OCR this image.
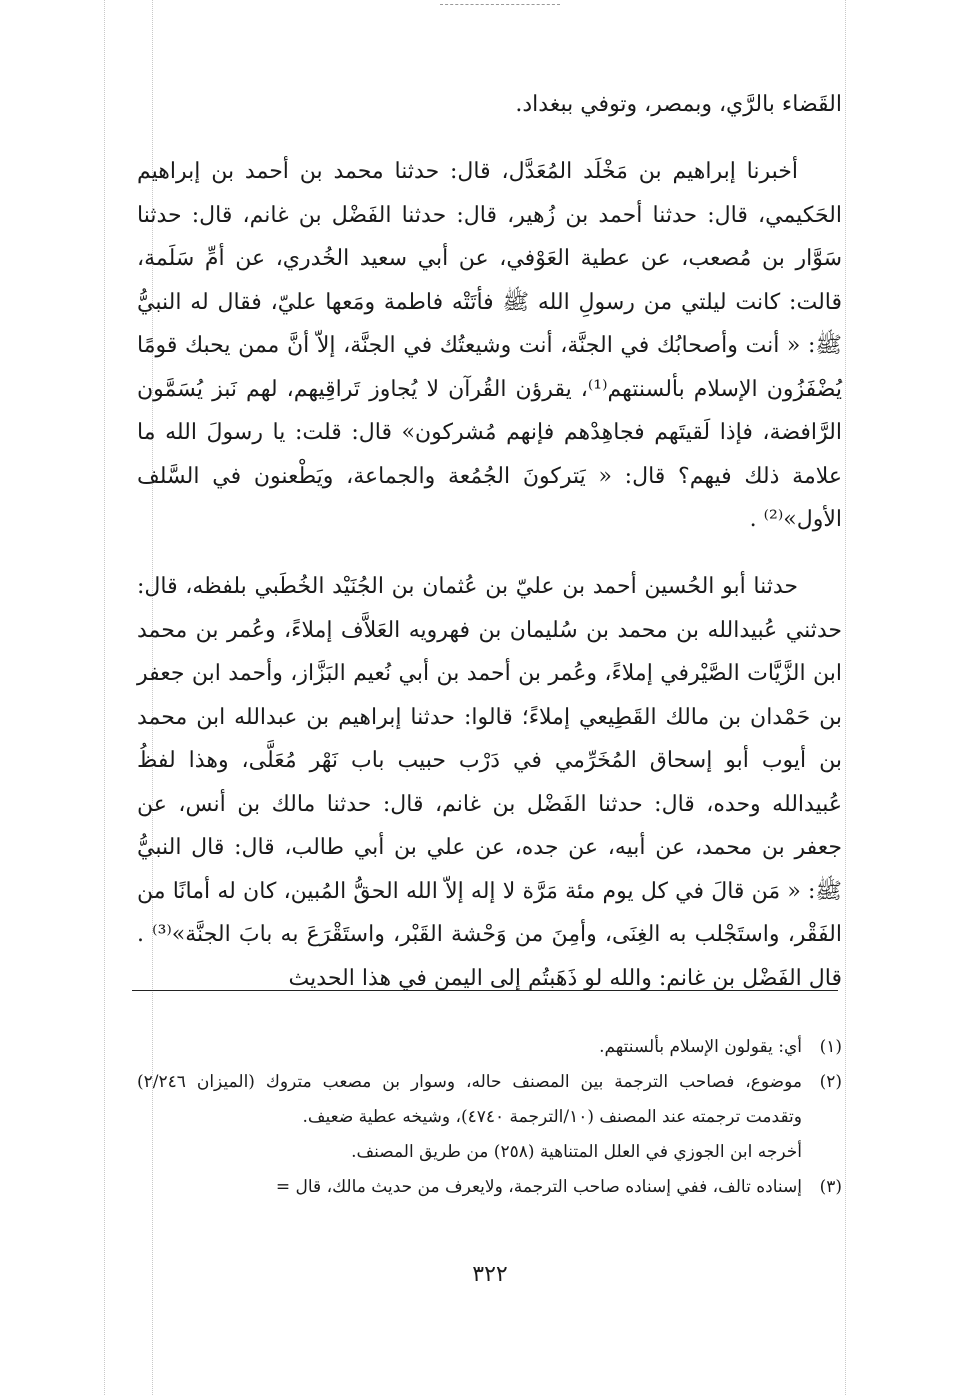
القَضاء بالرَّي، وبمصر، وتوفي ببغداد.

أخبرنا إبراهيم بن مَخْلَد المُعَدَّل، قال: حدثنا محمد بن أحمد بن إبراهيم الحَكيمي، قال: حدثنا أحمد بن زُهير، قال: حدثنا الفَضْل بن غانم، قال: حدثنا سَوَّار بن مُصعب، عن عطية العَوْفي، عن أبي سعيد الخُدري، عن أمِّ سَلَمة، قالت: كانت ليلتي من رسولِ الله ﷺ فأتَتْه فاطمة ومَعها عليّ، فقال له النبيُّ ﷺ: « أنت وأصحابُك في الجنَّة، أنت وشيعتُك في الجنَّة، إلاّ أنَّ ممن يحبك قومًا يُضْفَزُون الإسلام بألسنتهم⁽¹⁾، يقرؤن القُرآن لا يُجاوز تَراقِيهم، لهم نَبز يُسَمَّون الرَّافضة، فإذا لَقيتَهم فجاهِدْهم فإنهم مُشركون» قال: قلت: يا رسولَ الله ما علامة ذلك فيهم؟ قال: « يَتركونَ الجُمُعة والجماعة، ويَطْعنون في السَّلف الأول»⁽²⁾ .

حدثنا أبو الحُسين أحمد بن عليّ بن عُثمان بن الجُنَيْد الخُطَبي بلفظه، قال: حدثني عُبيدالله بن محمد بن سُليمان بن فهرويه العَلاَّف إملاءً، وعُمر بن محمد ابن الزَّيَّات الصَّيْرفي إملاءً، وعُمر بن أحمد بن أبي نُعيم البَزَّاز، وأحمد ابن جعفر بن حَمْدان بن مالك القَطِيعي إملاءً؛ قالوا: حدثنا إبراهيم بن عبدالله ابن محمد بن أيوب أبو إسحاق المُخَرِّمي في دَرْب حبيب باب نَهْر مُعَلَّى، وهذا لفظُ عُبيدالله وحده، قال: حدثنا الفَضْل بن غانم، قال: حدثنا مالك بن أنس، عن جعفر بن محمد، عن أبيه، عن جده، عن علي بن أبي طالب، قال: قال النبيُّ ﷺ: « مَن قالَ في كل يوم مئة مَرَّة لا إله إلاّ الله الحقُّ المُبين، كان له أمانًا من الفَقْر، واستَجْلب به الغِنَى، وأمِنَ من وَحْشة القَبْر، واستَقْرَعَ به بابَ الجنَّة»⁽³⁾ . قال الفَضْل بن غانم: والله لو ذَهَبتُم إلى اليمن في هذا الحديث

(١)
أي: يقولون الإسلام بألسنتهم.
(٢)
موضوع، فصاحب الترجمة بين المصنف حاله، وسوار بن مصعب متروك (الميزان ٢/٢٤٦) وتقدمت ترجمته عند المصنف (١٠/الترجمة ٤٧٤٠)، وشيخه عطية ضعيف.
أخرجه ابن الجوزي في العلل المتناهية (٢٥٨) من طريق المصنف.
(٣)
إسناده تالف، ففي إسناده صاحب الترجمة، ولايعرف من حديث مالك، قال =
٣٢٢
